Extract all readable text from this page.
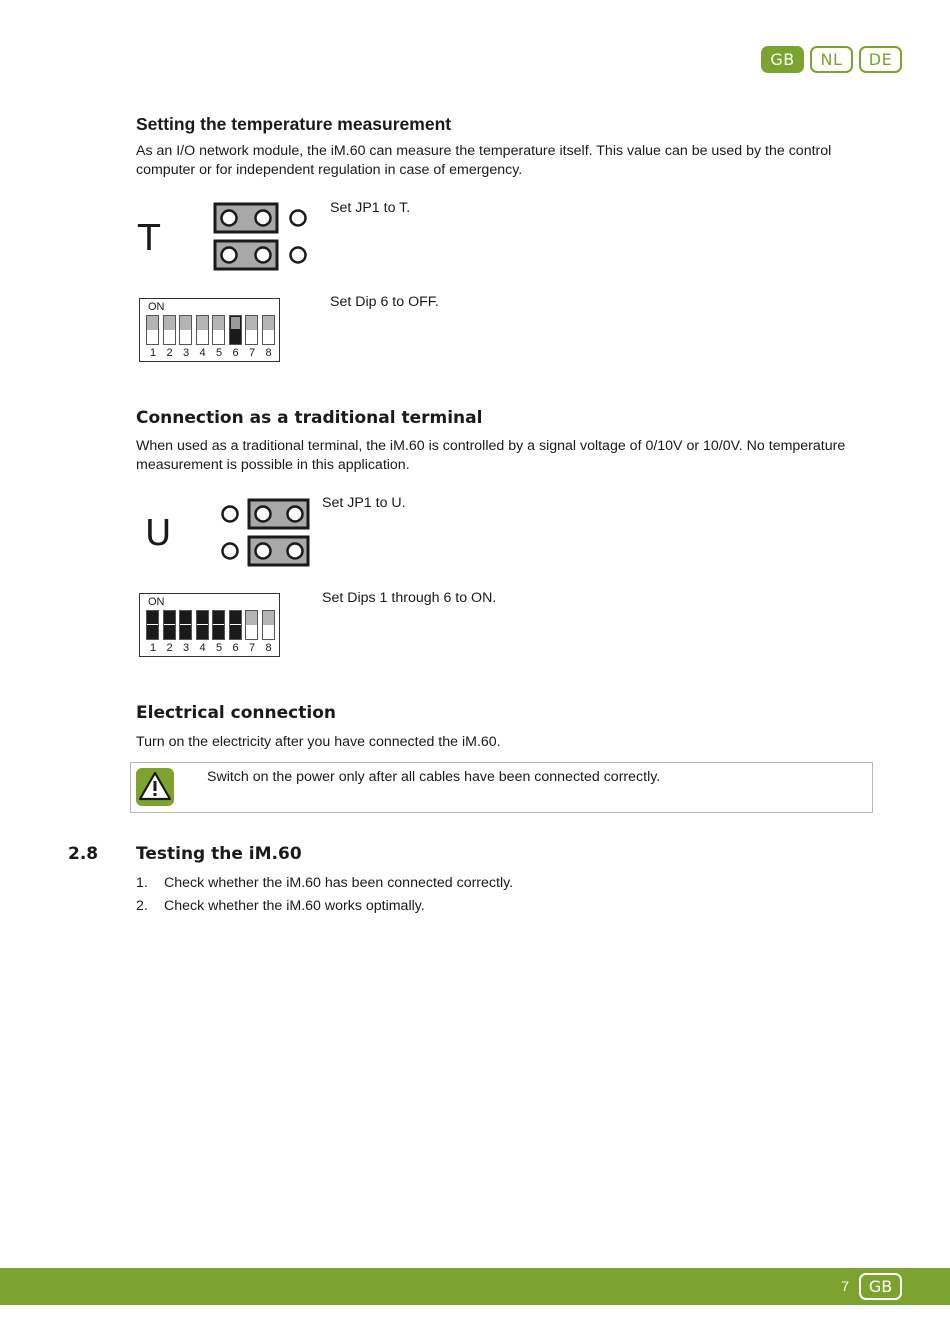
GB	NL	DE
Setting the temperature measurement

As an I/O network module, the iM.60 can measure the temperature itself. This value can be used by the control computer or for independent regulation in case of emergency.

T
Set JP1 to T.
ON
1 2 3 4 5 6 7 8
Set Dip 6 to OFF.
Connection as a traditional terminal

When used as a traditional terminal, the iM.60 is controlled by a signal voltage of 0/10V or 10/0V. No temperature measurement is possible in this application.

U
Set JP1 to U.
ON
1 2 3 4 5 6 7 8
Set Dips 1 through 6 to ON.
Electrical connection

Turn on the electricity after you have connected the iM.60.

Switch on the power only after all cables have been connected correctly.
2.8 Testing the iM.60
1. Check whether the iM.60 has been connected correctly.
2. Check whether the iM.60 works optimally.
7	GB
